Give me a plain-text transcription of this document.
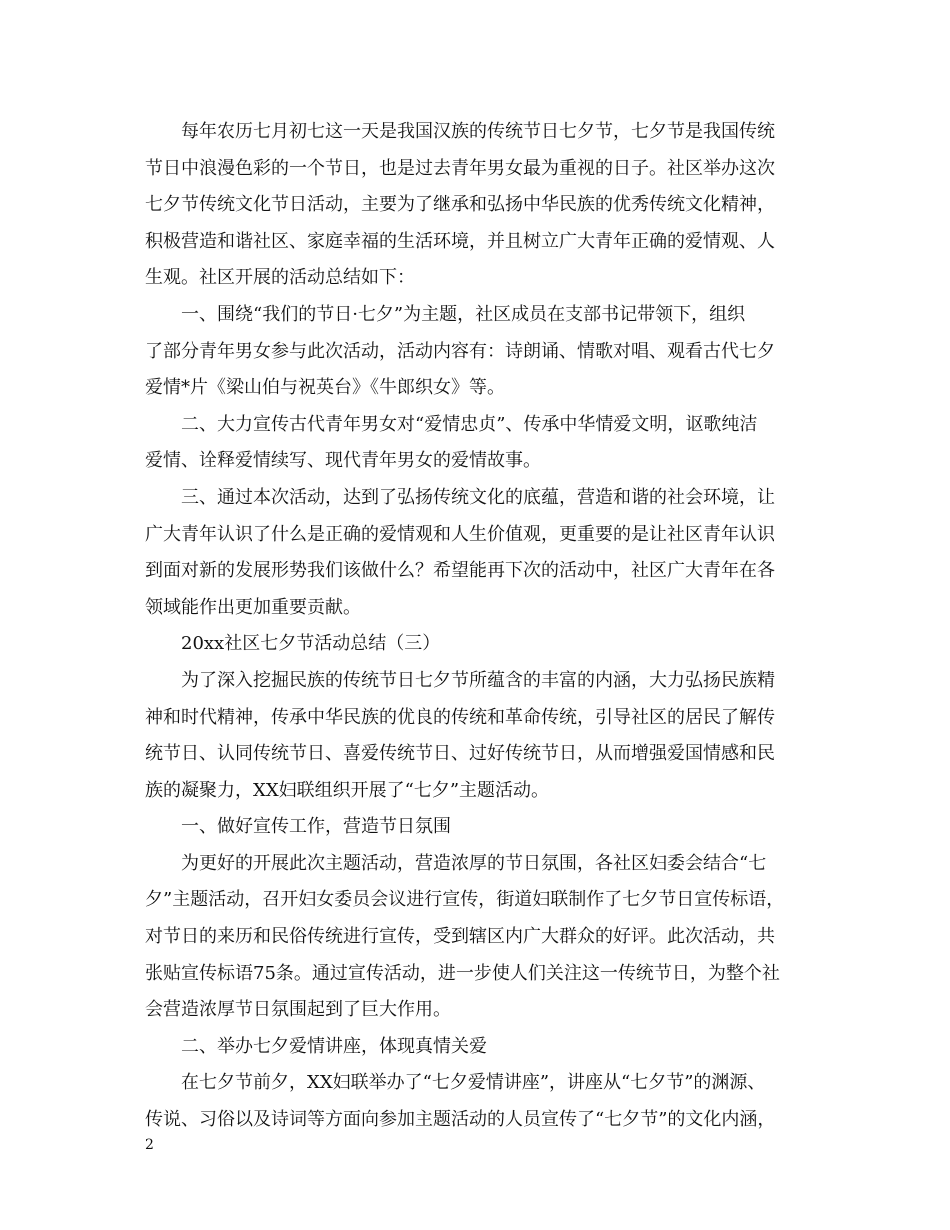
每年农历七月初七这一天是我国汉族的传统节日七夕节，七夕节是我国传统
节日中浪漫色彩的一个节日，也是过去青年男女最为重视的日子。社区举办这次
七夕节传统文化节日活动，主要为了继承和弘扬中华民族的优秀传统文化精神，
积极营造和谐社区、家庭幸福的生活环境，并且树立广大青年正确的爱情观、人
生观。社区开展的活动总结如下：
一、围绕“我们的节日·七夕”为主题，社区成员在支部书记带领下，组织
了部分青年男女参与此次活动，活动内容有：诗朗诵、情歌对唱、观看古代七夕
爱情*片《梁山伯与祝英台》《牛郎织女》等。
二、大力宣传古代青年男女对“爱情忠贞”、传承中华情爱文明，讴歌纯洁
爱情、诠释爱情续写、现代青年男女的爱情故事。
三、通过本次活动，达到了弘扬传统文化的底蕴，营造和谐的社会环境，让
广大青年认识了什么是正确的爱情观和人生价值观，更重要的是让社区青年认识
到面对新的发展形势我们该做什么？希望能再下次的活动中，社区广大青年在各
领域能作出更加重要贡献。
20xx社区七夕节活动总结（三）
为了深入挖掘民族的传统节日七夕节所蕴含的丰富的内涵，大力弘扬民族精
神和时代精神，传承中华民族的优良的传统和革命传统，引导社区的居民了解传
统节日、认同传统节日、喜爱传统节日、过好传统节日，从而增强爱国情感和民
族的凝聚力，XX妇联组织开展了“七夕”主题活动。
一、做好宣传工作，营造节日氛围
为更好的开展此次主题活动，营造浓厚的节日氛围，各社区妇委会结合“七
夕”主题活动，召开妇女委员会议进行宣传，街道妇联制作了七夕节日宣传标语，
对节日的来历和民俗传统进行宣传，受到辖区内广大群众的好评。此次活动，共
张贴宣传标语75条。通过宣传活动，进一步使人们关注这一传统节日，为整个社
会营造浓厚节日氛围起到了巨大作用。
二、举办七夕爱情讲座，体现真情关爱
在七夕节前夕，XX妇联举办了“七夕爱情讲座”，讲座从“七夕节”的渊源、
传说、习俗以及诗词等方面向参加主题活动的人员宣传了“七夕节”的文化内涵，
2
